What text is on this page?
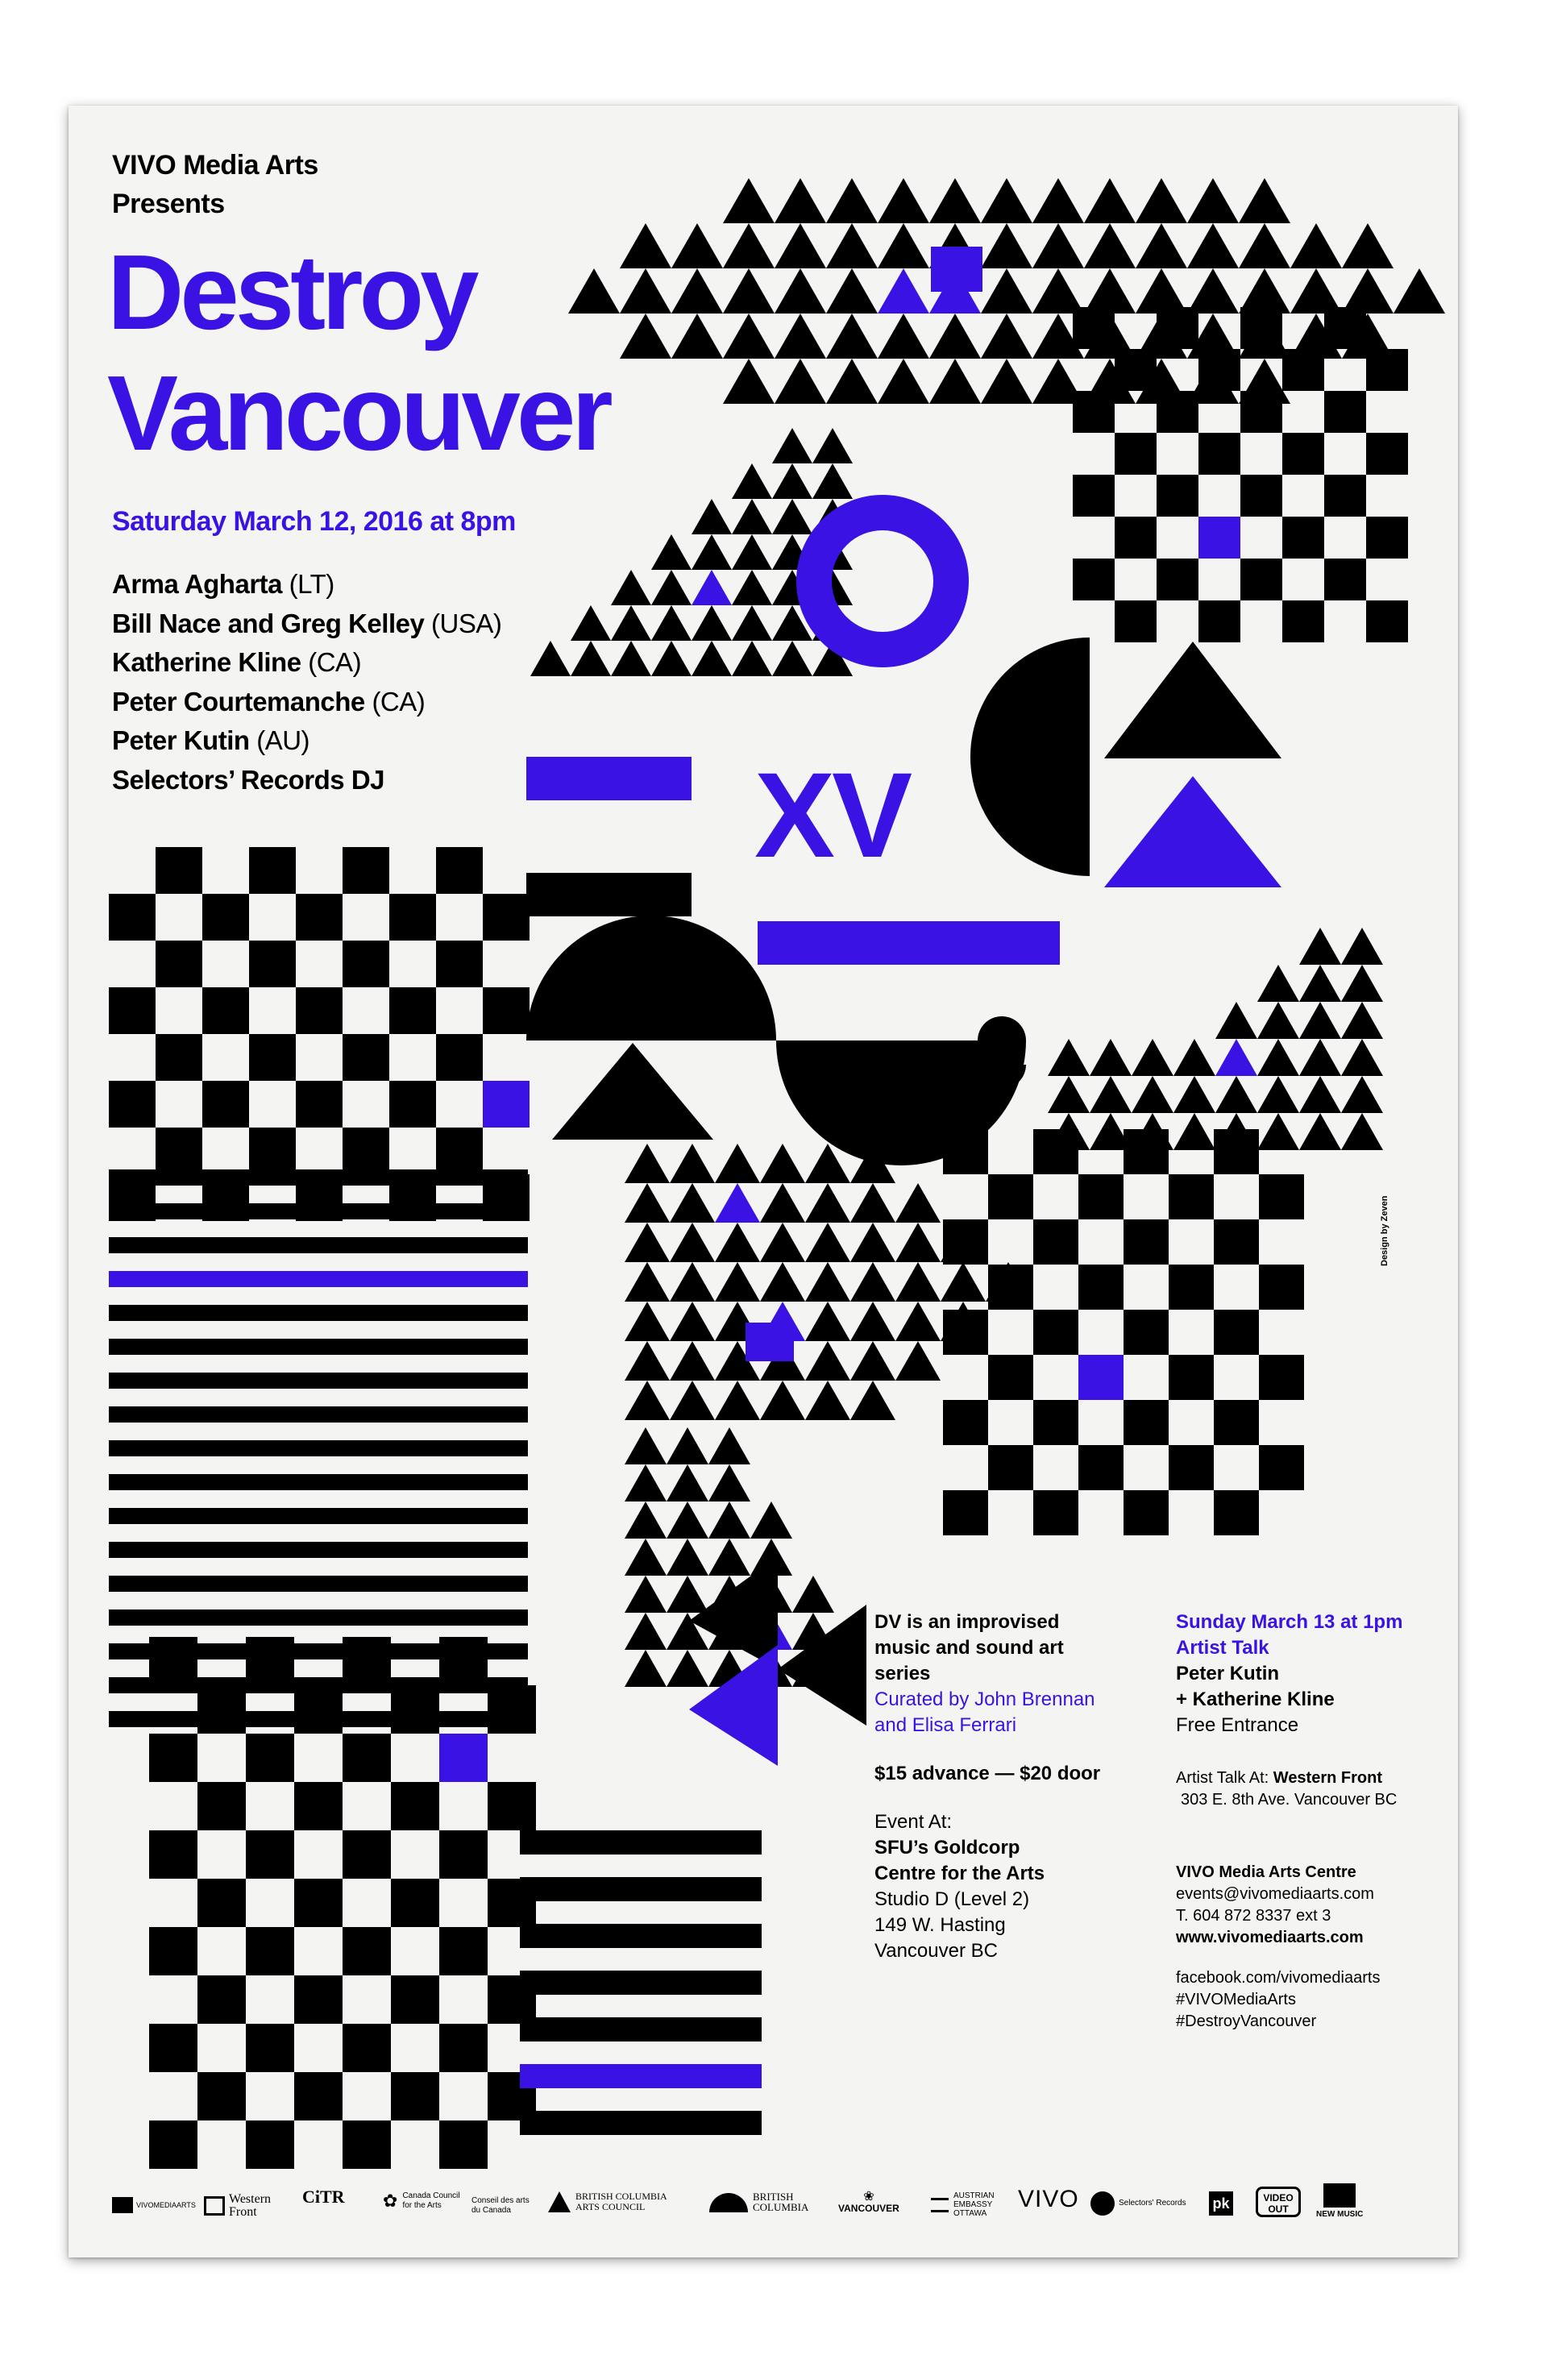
VIVO Media Arts
Presents
Destroy
Vancouver
Saturday March 12, 2016 at 8pm
Arma Agharta (LT)
Bill Nace and Greg Kelley (USA)
Katherine Kline (CA)
Peter Courtemanche (CA)
Peter Kutin (AU)
Selectors’ Records DJ	XV
Design by Zeven
DV is an improvised
music and sound art
series
Curated by John Brennan
and Elisa Ferrari
$15 advance — $20 door
Event At:
SFU’s Goldcorp
Centre for the Arts
Studio D (Level 2)
149 W. Hasting
Vancouver BC
Sunday March 13 at 1pm
Artist Talk
Peter Kutin
+ Katherine Kline
Free Entrance
Artist Talk At: Western Front
303 E. 8th Ave. Vancouver BC
VIVO Media Arts Centre
events@vivomediaarts.com
T. 604 872 8337 ext 3
www.vivomediaarts.com
facebook.com/vivomediaarts
#VIVOMediaArts
#DestroyVancouver
VIVOMEDIAARTS	Western Front
CiTR ✿ Canada Council for the Arts
Conseil des arts du Canada
BRITISH COLUMBIA ARTS COUNCIL
BRITISH COLUMBIA
❀
VANCOUVER
AUSTRIAN EMBASSY OTTAWA
VIVO	Selectors' Records pk	VIDEO OUT	NEW MUSIC
